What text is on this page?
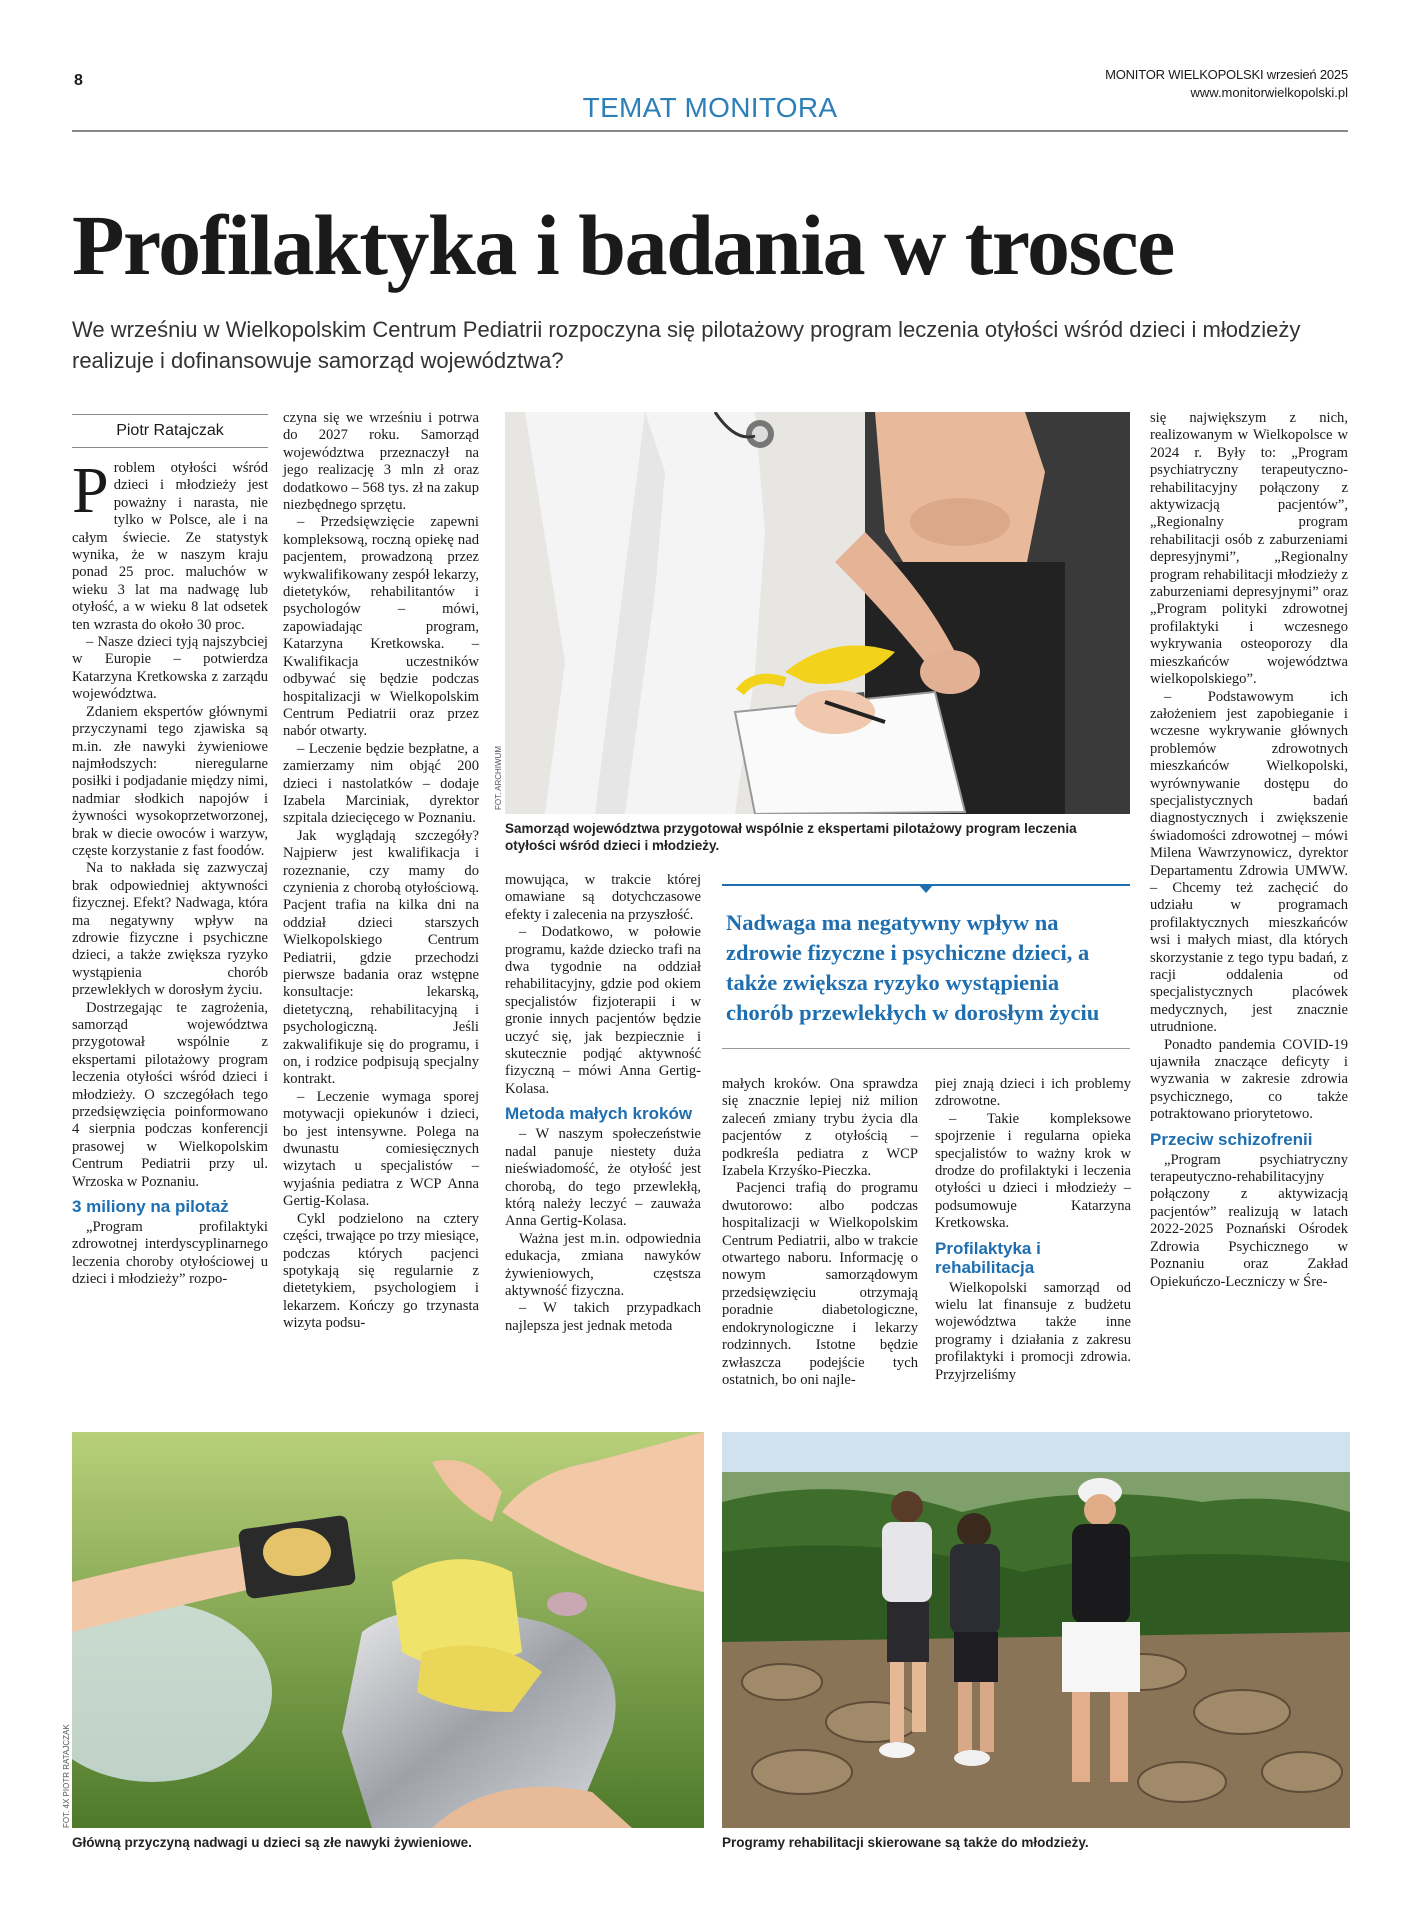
8	MONITOR WIELKOPOLSKI wrzesień 2025
www.monitorwielkopolski.pl
TEMAT MONITORA
Profilaktyka i badania w trosce
We wrześniu w Wielkopolskim Centrum Pediatrii rozpoczyna się pilotażowy program leczenia otyłości wśród dzieci i młodzieży realizuje i dofinansowuje samorząd województwa?
Piotr Ratajczak

Problem otyłości wśród dzieci i młodzieży jest poważny i narasta, nie tylko w Polsce, ale i na całym świecie. Ze statystyk wynika, że w naszym kraju ponad 25 proc. maluchów w wieku 3 lat ma nadwagę lub otyłość, a w wieku 8 lat odsetek ten wzrasta do około 30 proc.

– Nasze dzieci tyją najszybciej w Europie – potwierdza Katarzyna Kretkowska z zarządu województwa.

Zdaniem ekspertów głównymi przyczynami tego zjawiska są m.in. złe nawyki żywieniowe najmłodszych: nieregularne posiłki i podjadanie między nimi, nadmiar słodkich napojów i żywności wysokoprzetworzonej, brak w diecie owoców i warzyw, częste korzystanie z fast foodów.

Na to nakłada się zazwyczaj brak odpowiedniej aktywności fizycznej. Efekt? Nadwaga, która ma negatywny wpływ na zdrowie fizyczne i psychiczne dzieci, a także zwiększa ryzyko wystąpienia chorób przewlekłych w dorosłym życiu.

Dostrzegając te zagrożenia, samorząd województwa przygotował wspólnie z ekspertami pilotażowy program leczenia otyłości wśród dzieci i młodzieży. O szczegółach tego przedsięwzięcia poinformowano 4 sierpnia podczas konferencji prasowej w Wielkopolskim Centrum Pediatrii przy ul. Wrzoska w Poznaniu.

3 miliony na pilotaż

„Program profilaktyki zdrowotnej interdyscyplinarnego leczenia choroby otyłościowej u dzieci i młodzieży” rozpo-

czyna się we wrześniu i potrwa do 2027 roku. Samorząd województwa przeznaczył na jego realizację 3 mln zł oraz dodatkowo – 568 tys. zł na zakup niezbędnego sprzętu.

– Przedsięwzięcie zapewni kompleksową, roczną opiekę nad pacjentem, prowadzoną przez wykwalifikowany zespół lekarzy, dietetyków, rehabilitantów i psychologów – mówi, zapowiadając program, Katarzyna Kretkowska. – Kwalifikacja uczestników odbywać się będzie podczas hospitalizacji w Wielkopolskim Centrum Pediatrii oraz przez nabór otwarty.

– Leczenie będzie bezpłatne, a zamierzamy nim objąć 200 dzieci i nastolatków – dodaje Izabela Marciniak, dyrektor szpitala dziecięcego w Poznaniu.

Jak wyglądają szczegóły? Najpierw jest kwalifikacja i rozeznanie, czy mamy do czynienia z chorobą otyłościową. Pacjent trafia na kilka dni na oddział dzieci starszych Wielkopolskiego Centrum Pediatrii, gdzie przechodzi pierwsze badania oraz wstępne konsultacje: lekarską, dietetyczną, rehabilitacyjną i psychologiczną. Jeśli zakwalifikuje się do programu, i on, i rodzice podpisują specjalny kontrakt.

– Leczenie wymaga sporej motywacji opiekunów i dzieci, bo jest intensywne. Polega na dwunastu comiesięcznych wizytach u specjalistów – wyjaśnia pediatra z WCP Anna Gertig-Kolasa.

Cykl podzielono na cztery części, trwające po trzy miesiące, podczas których pacjenci spotykają się regularnie z dietetykiem, psychologiem i lekarzem. Kończy go trzynasta wizyta podsu-

FOT. ARCHIWUM
Samorząd województwa przygotował wspólnie z ekspertami pilotażowy program leczenia otyłości wśród dzieci i młodzieży.

mowująca, w trakcie której omawiane są dotychczasowe efekty i zalecenia na przyszłość.

– Dodatkowo, w połowie programu, każde dziecko trafi na dwa tygodnie na oddział rehabilitacyjny, gdzie pod okiem specjalistów fizjoterapii i w gronie innych pacjentów będzie uczyć się, jak bezpiecznie i skutecznie podjąć aktywność fizyczną – mówi Anna Gertig-Kolasa.

Metoda małych kroków

– W naszym społeczeństwie nadal panuje niestety duża nieświadomość, że otyłość jest chorobą, do tego przewlekłą, którą należy leczyć – zauważa Anna Gertig-Kolasa.

Ważna jest m.in. odpowiednia edukacja, zmiana nawyków żywieniowych, częstsza aktywność fizyczna.

– W takich przypadkach najlepsza jest jednak metoda

Nadwaga ma negatywny wpływ na zdrowie fizyczne i psychiczne dzieci, a także zwiększa ryzyko wystąpienia chorób przewlekłych w dorosłym życiu

małych kroków. Ona sprawdza się znacznie lepiej niż milion zaleceń zmiany trybu życia dla pacjentów z otyłością – podkreśla pediatra z WCP Izabela Krzyśko-Pieczka.

Pacjenci trafią do programu dwutorowo: albo podczas hospitalizacji w Wielkopolskim Centrum Pediatrii, albo w trakcie otwartego naboru. Informację o nowym samorządowym przedsięwzięciu otrzymają poradnie diabetologiczne, endokrynologiczne i lekarzy rodzinnych. Istotne będzie zwłaszcza podejście tych ostatnich, bo oni najle-

piej znają dzieci i ich problemy zdrowotne.

– Takie kompleksowe spojrzenie i regularna opieka specjalistów to ważny krok w drodze do profilaktyki i leczenia otyłości u dzieci i młodzieży – podsumowuje Katarzyna Kretkowska.

Profilaktyka i rehabilitacja

Wielkopolski samorząd od wielu lat finansuje z budżetu województwa także inne programy i działania z zakresu profilaktyki i promocji zdrowia. Przyjrzeliśmy

się największym z nich, realizowanym w Wielkopolsce w 2024 r. Były to: „Program psychiatryczny terapeutyczno-rehabilitacyjny połączony z aktywizacją pacjentów”, „Regionalny program rehabilitacji osób z zaburzeniami depresyjnymi”, „Regionalny program rehabilitacji młodzieży z zaburzeniami depresyjnymi” oraz „Program polityki zdrowotnej profilaktyki i wczesnego wykrywania osteoporozy dla mieszkańców województwa wielkopolskiego”.

– Podstawowym ich założeniem jest zapobieganie i wczesne wykrywanie głównych problemów zdrowotnych mieszkańców Wielkopolski, wyrównywanie dostępu do specjalistycznych badań diagnostycznych i zwiększenie świadomości zdrowotnej – mówi Milena Wawrzynowicz, dyrektor Departamentu Zdrowia UMWW. – Chcemy też zachęcić do udziału w programach profilaktycznych mieszkańców wsi i małych miast, dla których skorzystanie z tego typu badań, z racji oddalenia od specjalistycznych placówek medycznych, jest znacznie utrudnione.

Ponadto pandemia COVID-19 ujawniła znaczące deficyty i wyzwania w zakresie zdrowia psychicznego, co także potraktowano priorytetowo.

Przeciw schizofrenii

„Program psychiatryczny terapeutyczno-rehabilitacyjny połączony z aktywizacją pacjentów” realizują w latach 2022-2025 Poznański Ośrodek Zdrowia Psychicznego w Poznaniu oraz Zakład Opiekuńczo-Leczniczy w Śre-

FOT. 4X PIOTR RATAJCZAK
Główną przyczyną nadwagi u dzieci są złe nawyki żywieniowe.	Programy rehabilitacji skierowane są także do młodzieży.
